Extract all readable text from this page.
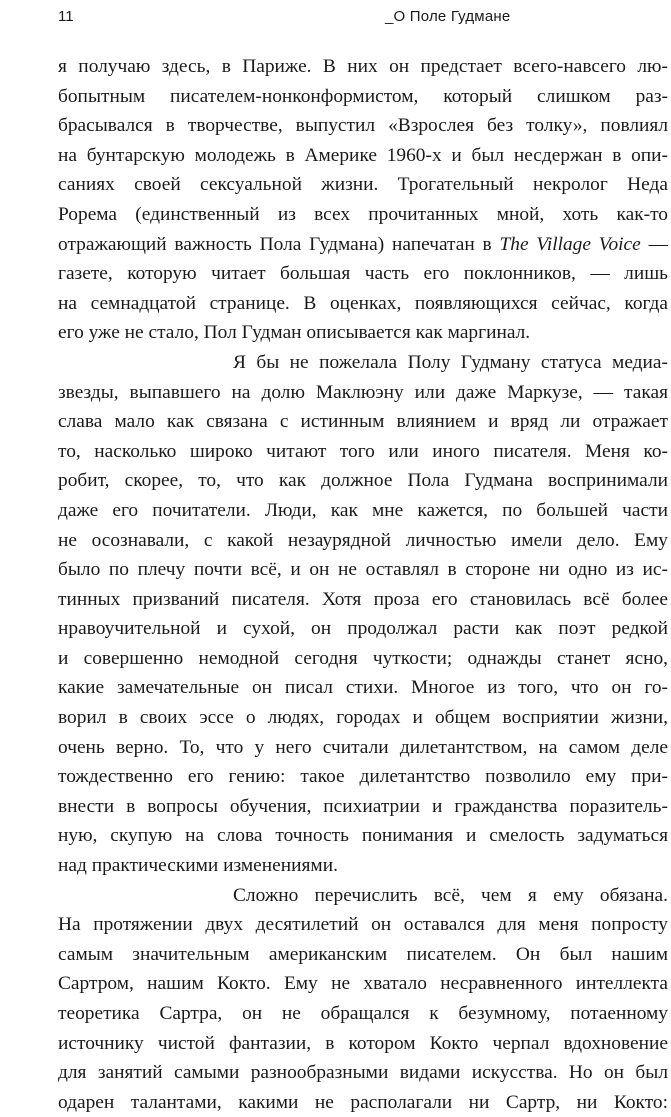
11	_О Поле Гудмане
я получаю здесь, в Париже. В них он предстает всего-навсего лю-
бопытным писателем-нонконформистом, который слишком раз-
брасывался в творчестве, выпустил «Взрослея без толку», повлиял
на бунтарскую молодежь в Америке 1960-х и был несдержан в опи-
саниях своей сексуальной жизни. Трогательный некролог Неда
Рорема (единственный из всех прочитанных мной, хоть как-то
отражающий важность Пола Гудмана) напечатан в The Village Voice —
газете, которую читает большая часть его поклонников, — лишь
на семнадцатой странице. В оценках, появляющихся сейчас, когда
его уже не стало, Пол Гудман описывается как маргинал.
Я бы не пожелала Полу Гудману статуса медиа-
звезды, выпавшего на долю Маклюэну или даже Маркузе, — такая
слава мало как связана с истинным влиянием и вряд ли отражает
то, насколько широко читают того или иного писателя. Меня ко-
робит, скорее, то, что как должное Пола Гудмана воспринимали
даже его почитатели. Люди, как мне кажется, по большей части
не осознавали, с какой незаурядной личностью имели дело. Ему
было по плечу почти всё, и он не оставлял в стороне ни одно из ис-
тинных призваний писателя. Хотя проза его становилась всё более
нравоучительной и сухой, он продолжал расти как поэт редкой
и совершенно немодной сегодня чуткости; однажды станет ясно,
какие замечательные он писал стихи. Многое из того, что он го-
ворил в своих эссе о людях, городах и общем восприятии жизни,
очень верно. То, что у него считали дилетантством, на самом деле
тождественно его гению: такое дилетантство позволило ему при-
внести в вопросы обучения, психиатрии и гражданства поразитель-
ную, скупую на слова точность понимания и смелость задуматься
над практическими изменениями.
Сложно перечислить всё, чем я ему обязана.
На протяжении двух десятилетий он оставался для меня попросту
самым значительным американским писателем. Он был нашим
Сартром, нашим Кокто. Ему не хватало несравненного интеллекта
теоретика Сартра, он не обращался к безумному, потаенному
источнику чистой фантазии, в котором Кокто черпал вдохновение
для занятий самыми разнообразными видами искусства. Но он был
одарен талантами, какими не располагали ни Сартр, ни Кокто:
